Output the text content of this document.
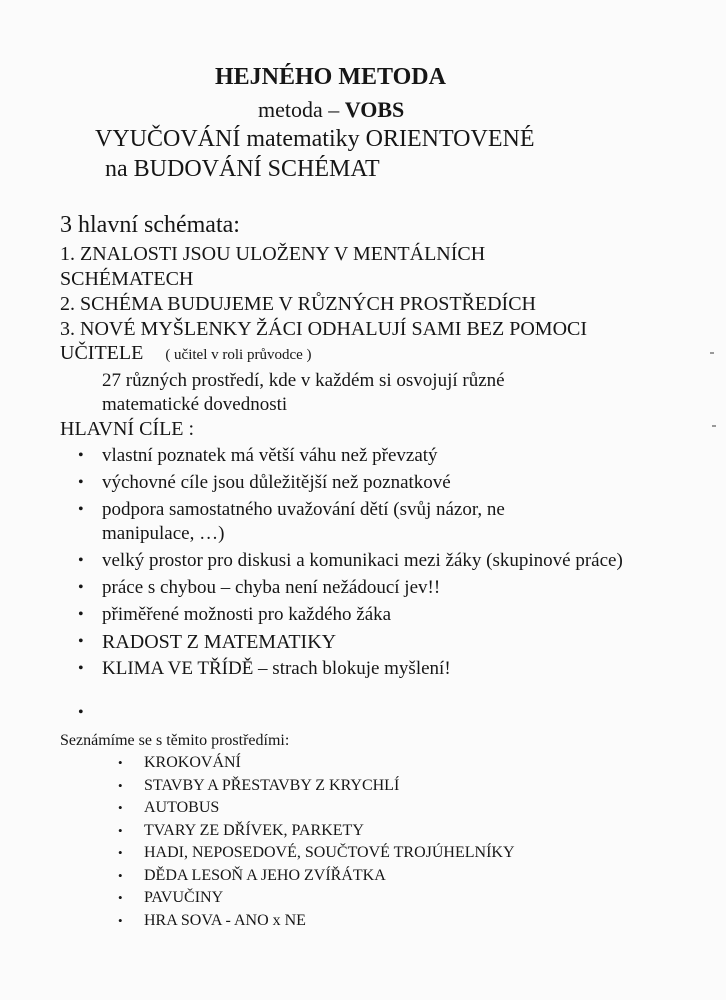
HEJNÉHO METODA
metoda – VOBS
VYUČOVÁNÍ matematiky ORIENTOVENÉ
na BUDOVÁNÍ SCHÉMAT
3 hlavní schémata:
1. ZNALOSTI JSOU ULOŽENY V MENTÁLNÍCH
SCHÉMATECH
2. SCHÉMA BUDUJEME V RŮZNÝCH PROSTŘEDÍCH
3. NOVÉ MYŠLENKY ŽÁCI ODHALUJÍ SAMI BEZ POMOCI
UČITELE ( učitel v roli průvodce )
27 různých prostředí, kde v každém si osvojují různé
matematické dovednosti
HLAVNÍ CÍLE :
• vlastní poznatek má větší váhu než převzatý
• výchovné cíle jsou důležitější než poznatkové
• podpora samostatného uvažování dětí (svůj názor, ne manipulace, …)
• velký prostor pro diskusi a komunikaci mezi žáky (skupinové práce)
• práce s chybou – chyba není nežádoucí jev!!
• přiměřené možnosti pro každého žáka
• RADOST Z MATEMATIKY
• KLIMA VE TŘÍDĚ – strach blokuje myšlení!
•
Seznámíme se s těmito prostředími:
• KROKOVÁNÍ
• STAVBY A PŘESTAVBY Z KRYCHLÍ
• AUTOBUS
• TVARY ZE DŘÍVEK, PARKETY
• HADI, NEPOSEDOVÉ, SOUČTOVÉ TROJÚHELNÍKY
• DĚDA LESOŇ A JEHO ZVÍŘÁTKA
• PAVUČINY
• HRA SOVA - ANO x NE
